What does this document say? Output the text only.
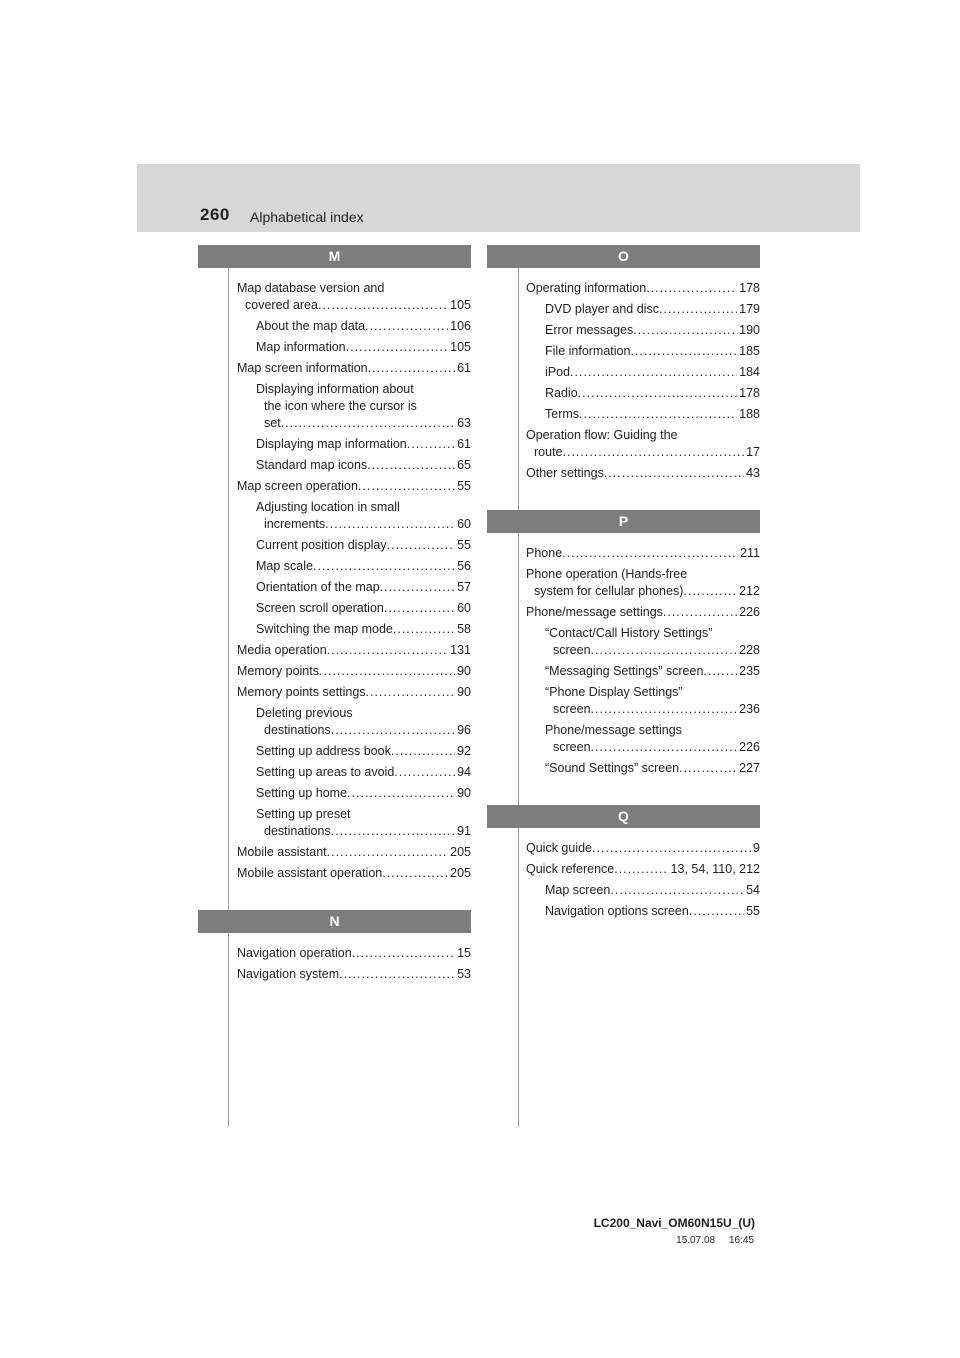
260 Alphabetical index
M
Map database version and
covered area .....	105
About the map data .....	106
Map information .....	105
Map screen information .....	61
Displaying information about
the icon where the cursor is
set .....	63
Displaying map information .....	61
Standard map icons .....	65
Map screen operation .....	55
Adjusting location in small
increments .....	60
Current position display .....	55
Map scale .....	56
Orientation of the map .....	57
Screen scroll operation .....	60
Switching the map mode .....	58
Media operation .....	131
Memory points .....	90
Memory points settings .....	90
Deleting previous
destinations .....	96
Setting up address book .....	92
Setting up areas to avoid .....	94
Setting up home .....	90
Setting up preset
destinations .....	91
Mobile assistant .....	205
Mobile assistant operation .....	205
N
Navigation operation .....	15
Navigation system .....	53
O
Operating information .....	178
DVD player and disc .....	179
Error messages .....	190
File information .....	185
iPod .....	184
Radio .....	178
Terms .....	188
Operation flow: Guiding the
route .....	17
Other settings .....	43
P
Phone .....	211
Phone operation (Hands-free
system for cellular phones) .....	212
Phone/message settings .....	226
“Contact/Call History Settings”
screen .....	228
“Messaging Settings” screen .....	235
“Phone Display Settings”
screen .....	236
Phone/message settings
screen .....	226
“Sound Settings” screen .....	227
Q
Quick guide .....	9
Quick reference .....	13, 54, 110, 212
Map screen .....	54
Navigation options screen .....	55
LC200_Navi_OM60N15U_(U)
15.07.08     16:45
